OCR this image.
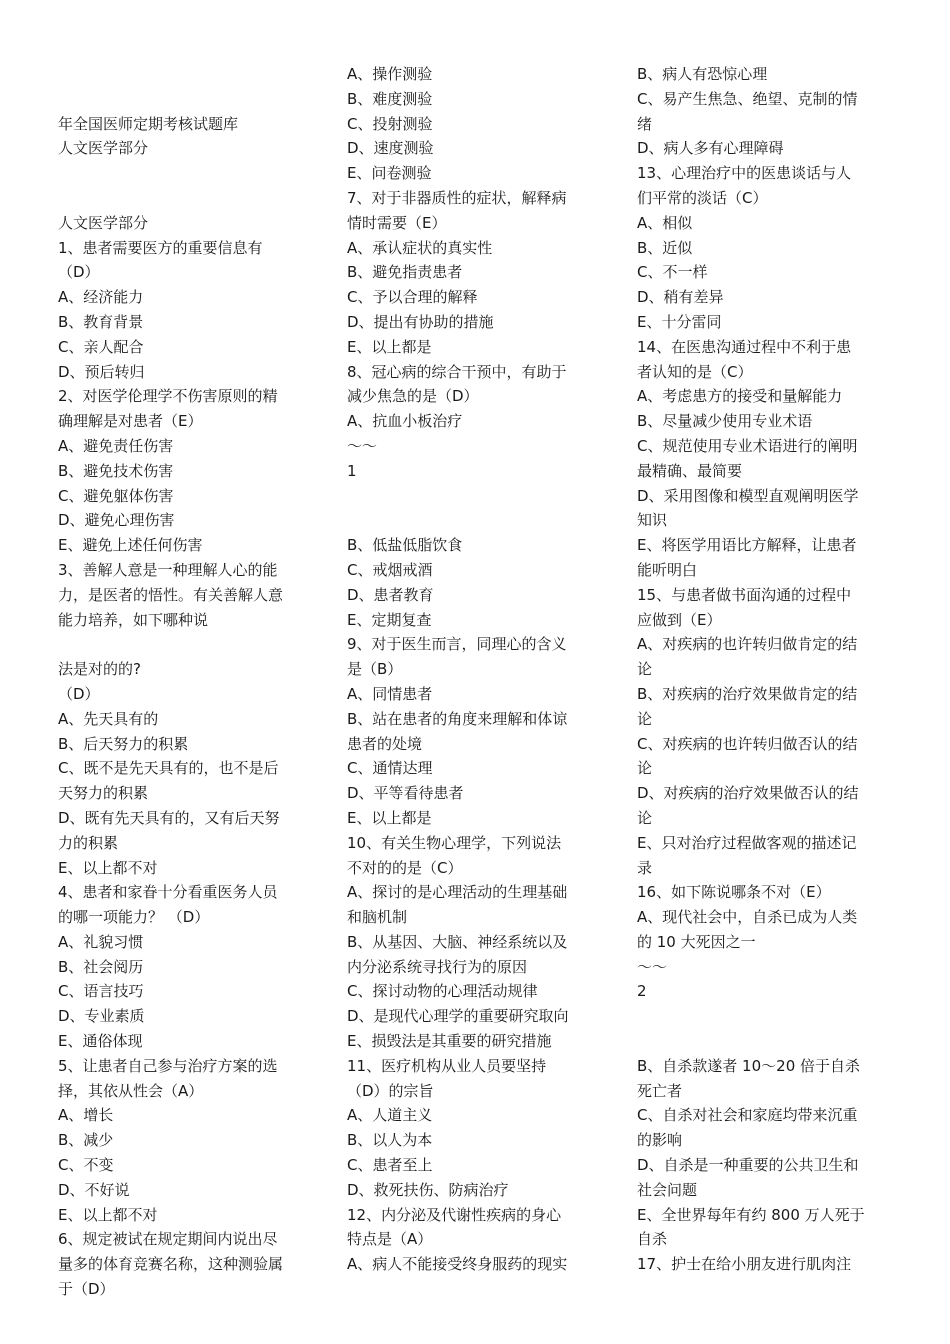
年全国医师定期考核试题库
人文医学部分
人文医学部分
1、患者需要医方的重要信息有
（D）
A、经济能力
B、教育背景
C、亲人配合
D、预后转归
2、对医学伦理学不伤害原则的精
确理解是对患者（E）
A、避免责任伤害
B、避免技术伤害
C、避免躯体伤害
D、避免心理伤害
E、避免上述任何伤害
3、善解人意是一种理解人心的能
力，是医者的悟性。有关善解人意
能力培养，如下哪种说
法是对的的?
（D）
A、先天具有的
B、后天努力的积累
C、既不是先天具有的，也不是后
天努力的积累
D、既有先天具有的，又有后天努
力的积累
E、以上都不对
4、患者和家眷十分看重医务人员
的哪一项能力？ （D）
A、礼貌习惯
B、社会阅历
C、语言技巧
D、专业素质
E、通俗体现
5、让患者自己参与治疗方案的选
择，其依从性会（A）
A、增长
B、减少
C、不变
D、不好说
E、以上都不对
6、规定被试在规定期间内说出尽
量多的体育竞赛名称，这种测验属
于（D）
A、操作测验
B、难度测验
C、投射测验
D、速度测验
E、问卷测验
7、对于非器质性的症状，解释病
情时需要（E）
A、承认症状的真实性
B、避免指责患者
C、予以合理的解释
D、提出有协助的措施
E、以上都是
8、冠心病的综合干预中，有助于
减少焦急的是（D）
A、抗血小板治疗
～～
1
B、低盐低脂饮食
C、戒烟戒酒
D、患者教育
E、定期复查
9、对于医生而言，同理心的含义
是（B）
A、同情患者
B、站在患者的角度来理解和体谅
患者的处境
C、通情达理
D、平等看待患者
E、以上都是
10、有关生物心理学，下列说法
不对的的是（C）
A、探讨的是心理活动的生理基础
和脑机制
B、从基因、大脑、神经系统以及
内分泌系统寻找行为的原因
C、探讨动物的心理活动规律
D、是现代心理学的重要研究取向
E、损毁法是其重要的研究措施
11、医疗机构从业人员要坚持
（D）的宗旨
A、人道主义
B、以人为本
C、患者至上
D、救死扶伤、防病治疗
12、内分泌及代谢性疾病的身心
特点是（A）
A、病人不能接受终身服药的现实
B、病人有恐惊心理
C、易产生焦急、绝望、克制的情
绪
D、病人多有心理障碍
13、心理治疗中的医患谈话与人
们平常的淡话（C）
A、相似
B、近似
C、不一样
D、稍有差异
E、十分雷同
14、在医患沟通过程中不利于患
者认知的是（C）
A、考虑患方的接受和量解能力
B、尽量减少使用专业术语
C、规范使用专业术语进行的阐明
最精确、最简要
D、采用图像和模型直观阐明医学
知识
E、将医学用语比方解释，让患者
能听明白
15、与患者做书面沟通的过程中
应做到（E）
A、对疾病的也许转归做肯定的结
论
B、对疾病的治疗效果做肯定的结
论
C、对疾病的也许转归做否认的结
论
D、对疾病的治疗效果做否认的结
论
E、只对治疗过程做客观的描述记
录
16、如下陈说哪条不对（E）
A、现代社会中，自杀已成为人类
的 10 大死因之一
～～
2
B、自杀款遂者 10～20 倍于自杀
死亡者
C、自杀对社会和家庭均带来沉重
的影响
D、自杀是一种重要的公共卫生和
社会问题
E、全世界每年有约 800 万人死于
自杀
17、护士在给小朋友进行肌肉注
